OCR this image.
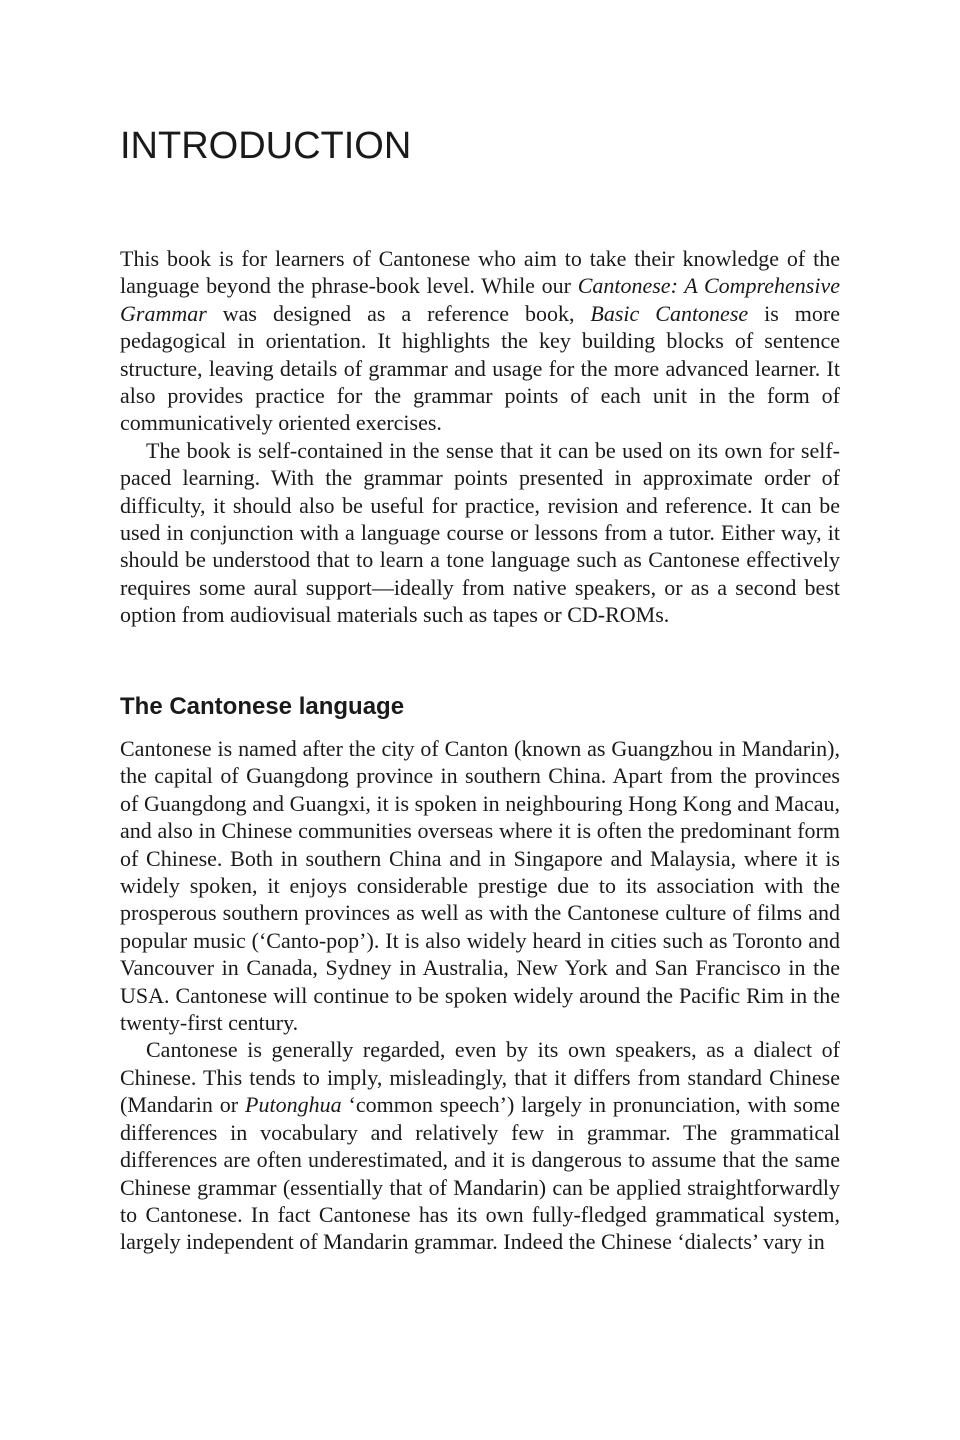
INTRODUCTION

This book is for learners of Cantonese who aim to take their knowledge of the language beyond the phrase-book level. While our Cantonese: A Comprehensive Grammar was designed as a reference book, Basic Cantonese is more pedagogical in orientation. It highlights the key building blocks of sentence structure, leaving details of grammar and usage for the more advanced learner. It also provides practice for the grammar points of each unit in the form of communicatively oriented exercises.

The book is self-contained in the sense that it can be used on its own for self-paced learning. With the grammar points presented in approximate order of difficulty, it should also be useful for practice, revision and reference. It can be used in conjunction with a language course or lessons from a tutor. Either way, it should be understood that to learn a tone language such as Cantonese effectively requires some aural support—ideally from native speakers, or as a second best option from audiovisual materials such as tapes or CD-ROMs.

The Cantonese language

Cantonese is named after the city of Canton (known as Guangzhou in Mandarin), the capital of Guangdong province in southern China. Apart from the provinces of Guangdong and Guangxi, it is spoken in neighbouring Hong Kong and Macau, and also in Chinese communities overseas where it is often the predominant form of Chinese. Both in southern China and in Singapore and Malaysia, where it is widely spoken, it enjoys considerable prestige due to its association with the prosperous southern provinces as well as with the Cantonese culture of films and popular music (‘Canto-pop’). It is also widely heard in cities such as Toronto and Vancouver in Canada, Sydney in Australia, New York and San Francisco in the USA. Cantonese will continue to be spoken widely around the Pacific Rim in the twenty-first century.

Cantonese is generally regarded, even by its own speakers, as a dialect of Chinese. This tends to imply, misleadingly, that it differs from standard Chinese (Mandarin or Putonghua ‘common speech’) largely in pronunciation, with some differences in vocabulary and relatively few in grammar. The grammatical differences are often underestimated, and it is dangerous to assume that the same Chinese grammar (essentially that of Mandarin) can be applied straightforwardly to Cantonese. In fact Cantonese has its own fully-fledged grammatical system, largely independent of Mandarin grammar. Indeed the Chinese ‘dialects’ vary in
